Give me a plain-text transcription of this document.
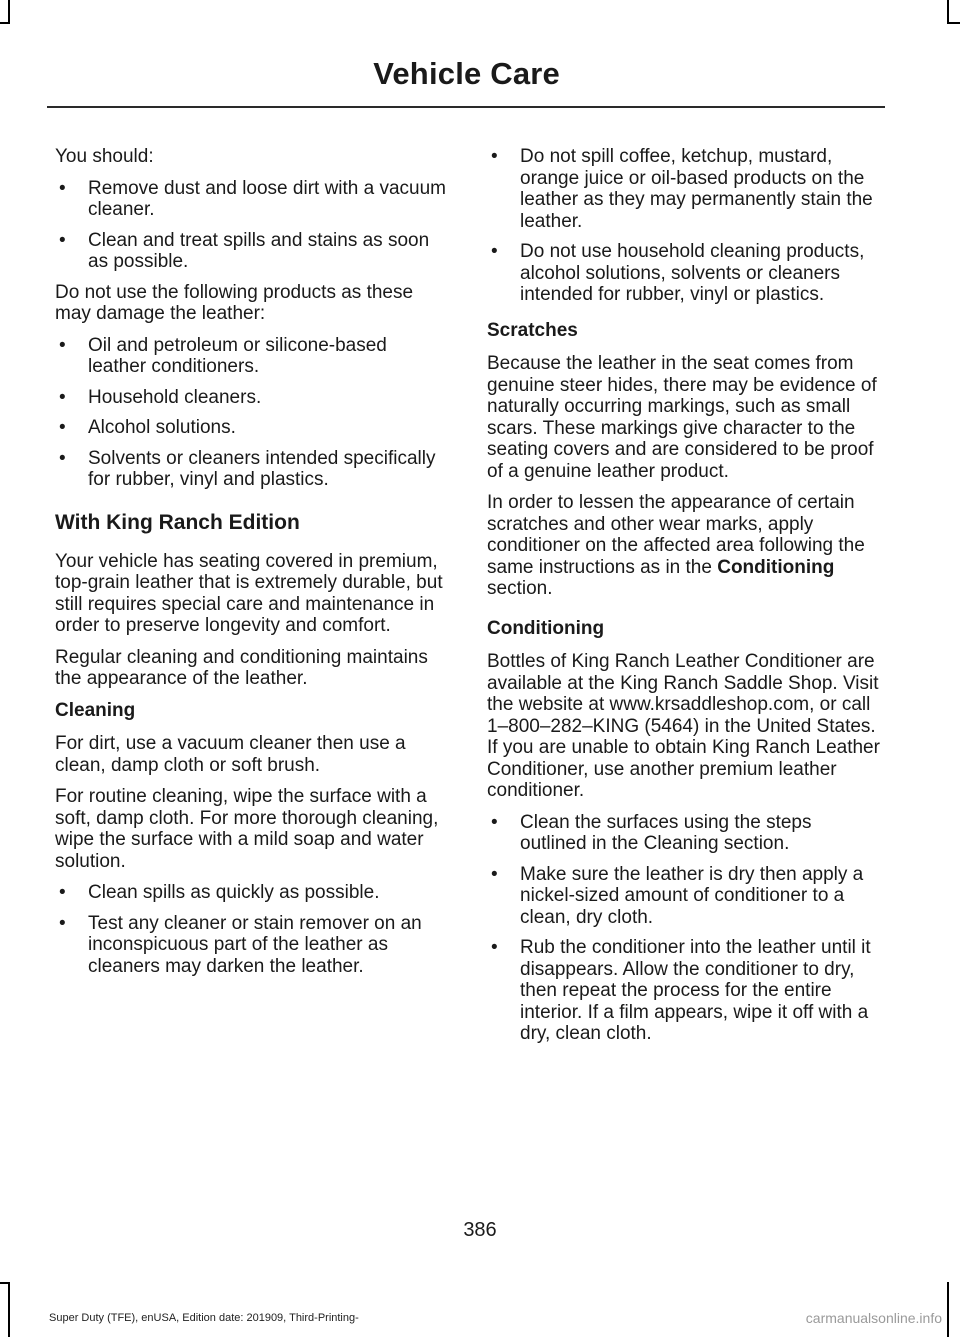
Vehicle Care

You should:

• Remove dust and loose dirt with a vacuum cleaner.
• Clean and treat spills and stains as soon as possible.

Do not use the following products as these may damage the leather:

• Oil and petroleum or silicone-based leather conditioners.
• Household cleaners.
• Alcohol solutions.
• Solvents or cleaners intended specifically for rubber, vinyl and plastics.
With King Ranch Edition

Your vehicle has seating covered in premium, top-grain leather that is extremely durable, but still requires special care and maintenance in order to preserve longevity and comfort.

Regular cleaning and conditioning maintains the appearance of the leather.

Cleaning

For dirt, use a vacuum cleaner then use a clean, damp cloth or soft brush.

For routine cleaning, wipe the surface with a soft, damp cloth. For more thorough cleaning, wipe the surface with a mild soap and water solution.

• Clean spills as quickly as possible.
• Test any cleaner or stain remover on an inconspicuous part of the leather as cleaners may darken the leather.
• Do not spill coffee, ketchup, mustard, orange juice or oil-based products on the leather as they may permanently stain the leather.
• Do not use household cleaning products, alcohol solutions, solvents or cleaners intended for rubber, vinyl or plastics.
Scratches

Because the leather in the seat comes from genuine steer hides, there may be evidence of naturally occurring markings, such as small scars. These markings give character to the seating covers and are considered to be proof of a genuine leather product.

In order to lessen the appearance of certain scratches and other wear marks, apply conditioner on the affected area following the same instructions as in the Conditioning section.

Conditioning

Bottles of King Ranch Leather Conditioner are available at the King Ranch Saddle Shop. Visit the website at www.krsaddleshop.com, or call 1–800–282–KING (5464) in the United States. If you are unable to obtain King Ranch Leather Conditioner, use another premium leather conditioner.

• Clean the surfaces using the steps outlined in the Cleaning section.
• Make sure the leather is dry then apply a nickel-sized amount of conditioner to a clean, dry cloth.
• Rub the conditioner into the leather until it disappears. Allow the conditioner to dry, then repeat the process for the entire interior. If a film appears, wipe it off with a dry, clean cloth.
386
Super Duty (TFE), enUSA, Edition date: 201909, Third-Printing-	carmanualsonline.info
